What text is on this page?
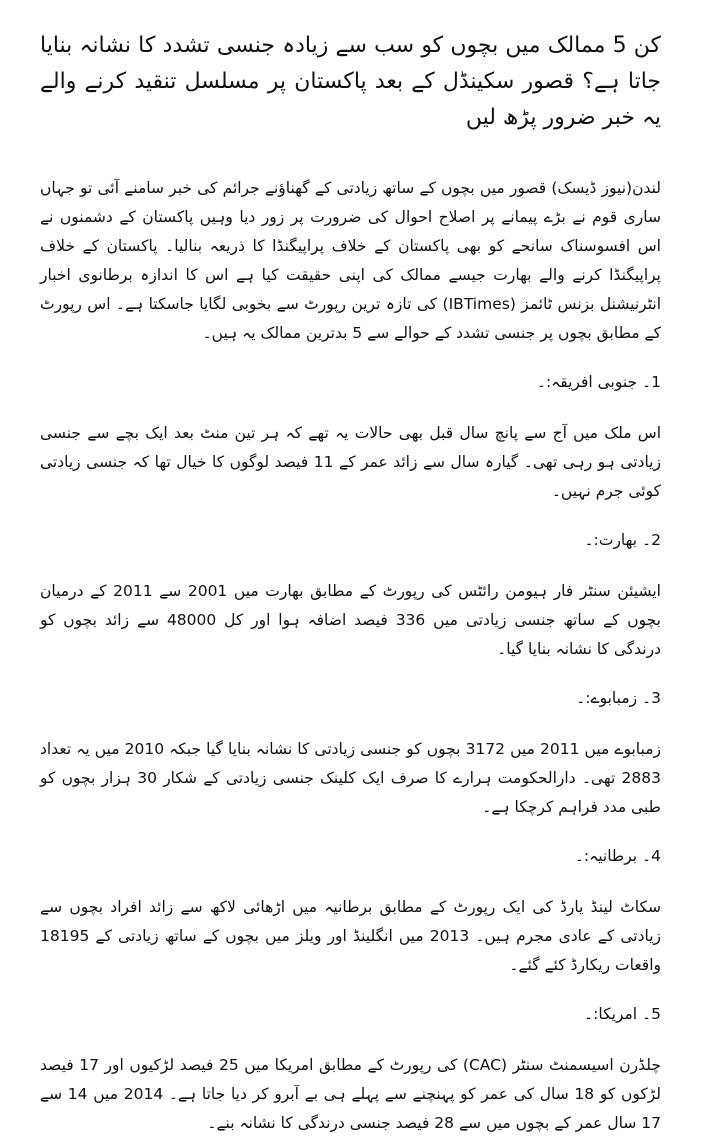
کن 5 ممالک میں بچوں کو سب سے زیادہ جنسی تشدد کا نشانہ بنایا جاتا ہے؟ قصور سکینڈل کے بعد پاکستان پر مسلسل تنقید کرنے والے یہ خبر ضرور پڑھ لیں

لندن(نیوز ڈیسک) قصور میں بچوں کے ساتھ زیادتی کے گھناؤنے جرائم کی خبر سامنے آئی تو جہاں ساری قوم نے بڑے پیمانے پر اصلاح احوال کی ضرورت پر زور دیا وہیں پاکستان کے دشمنوں نے اس افسوسناک سانحے کو بھی پاکستان کے خلاف پراپیگنڈا کا ذریعہ بنالیا۔ پاکستان کے خلاف پراپیگنڈا کرنے والے بھارت جیسے ممالک کی اپنی حقیقت کیا ہے اس کا اندازہ برطانوی اخبار انٹرنیشنل بزنس ٹائمز (IBTimes) کی تازہ ترین رپورٹ سے بخوبی لگایا جاسکتا ہے۔ اس رپورٹ کے مطابق بچوں پر جنسی تشدد کے حوالے سے 5 بدترین ممالک یہ ہیں۔

1۔ جنوبی افریقہ:۔

اس ملک میں آج سے پانچ سال قبل بھی حالات یہ تھے کہ ہر تین منٹ بعد ایک بچے سے جنسی زیادتی ہو رہی تھی۔ گیارہ سال سے زائد عمر کے 11 فیصد لوگوں کا خیال تھا کہ جنسی زیادتی کوئی جرم نہیں۔

2۔ بھارت:۔

ایشیئن سنٹر فار ہیومن رائٹس کی رپورٹ کے مطابق بھارت میں 2001 سے 2011 کے درمیان بچوں کے ساتھ جنسی زیادتی میں 336 فیصد اضافہ ہوا اور کل 48000 سے زائد بچوں کو درندگی کا نشانہ بنایا گیا۔

3۔ زمبابوے:۔

زمبابوے میں 2011 میں 3172 بچوں کو جنسی زیادتی کا نشانہ بنایا گیا جبکہ 2010 میں یہ تعداد 2883 تھی۔ دارالحکومت ہرارے کا صرف ایک کلینک جنسی زیادتی کے شکار 30 ہزار بچوں کو طبی مدد فراہم کرچکا ہے۔

4۔ برطانیہ:۔

سکاٹ لینڈ یارڈ کی ایک رپورٹ کے مطابق برطانیہ میں اڑھائی لاکھ سے زائد افراد بچوں سے زیادتی کے عادی مجرم ہیں۔ 2013 میں انگلینڈ اور ویلز میں بچوں کے ساتھ زیادتی کے 18195 واقعات ریکارڈ کئے گئے۔

5۔ امریکا:۔

چلڈرن اسیسمنٹ سنٹر (CAC) کی رپورٹ کے مطابق امریکا میں 25 فیصد لڑکیوں اور 17 فیصد لڑکوں کو 18 سال کی عمر کو پہنچنے سے پہلے ہی بے آبرو کر دیا جاتا ہے۔ 2014 میں 14 سے 17 سال عمر کے بچوں میں سے 28 فیصد جنسی درندگی کا نشانہ بنے۔
